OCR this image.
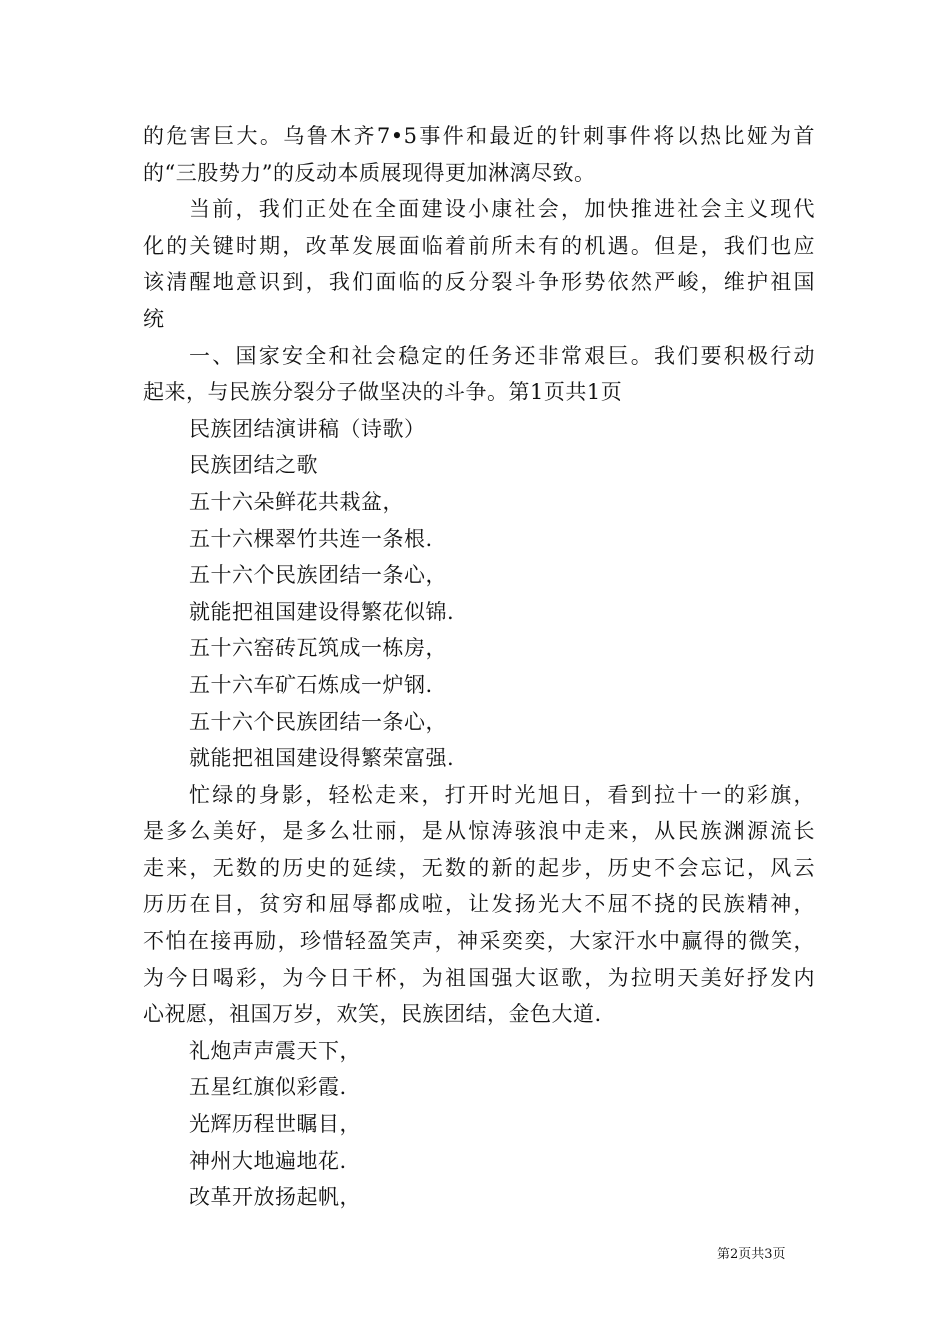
的危害巨大。乌鲁木齐7•5事件和最近的针刺事件将以热比娅为首
的“三股势力”的反动本质展现得更加淋漓尽致。
当前，我们正处在全面建设小康社会，加快推进社会主义现代
化的关键时期，改革发展面临着前所未有的机遇。但是，我们也应
该清醒地意识到，我们面临的反分裂斗争形势依然严峻，维护祖国
统
一、国家安全和社会稳定的任务还非常艰巨。我们要积极行动
起来，与民族分裂分子做坚决的斗争。第1页共1页
民族团结演讲稿（诗歌）
民族团结之歌
五十六朵鲜花共栽盆，
五十六棵翠竹共连一条根.
五十六个民族团结一条心，
就能把祖国建设得繁花似锦.
五十六窑砖瓦筑成一栋房，
五十六车矿石炼成一炉钢.
五十六个民族团结一条心，
就能把祖国建设得繁荣富强.
忙绿的身影，轻松走来，打开时光旭日，看到拉十一的彩旗，
是多么美好，是多么壮丽，是从惊涛骇浪中走来，从民族渊源流长
走来，无数的历史的延续，无数的新的起步，历史不会忘记，风云
历历在目，贫穷和屈辱都成啦，让发扬光大不屈不挠的民族精神，
不怕在接再励，珍惜轻盈笑声，神采奕奕，大家汗水中赢得的微笑，
为今日喝彩，为今日干杯，为祖国强大讴歌，为拉明天美好抒发内
心祝愿，祖国万岁，欢笑，民族团结，金色大道.
礼炮声声震天下，
五星红旗似彩霞.
光辉历程世瞩目，
神州大地遍地花.
改革开放扬起帆，
第2页共3页
